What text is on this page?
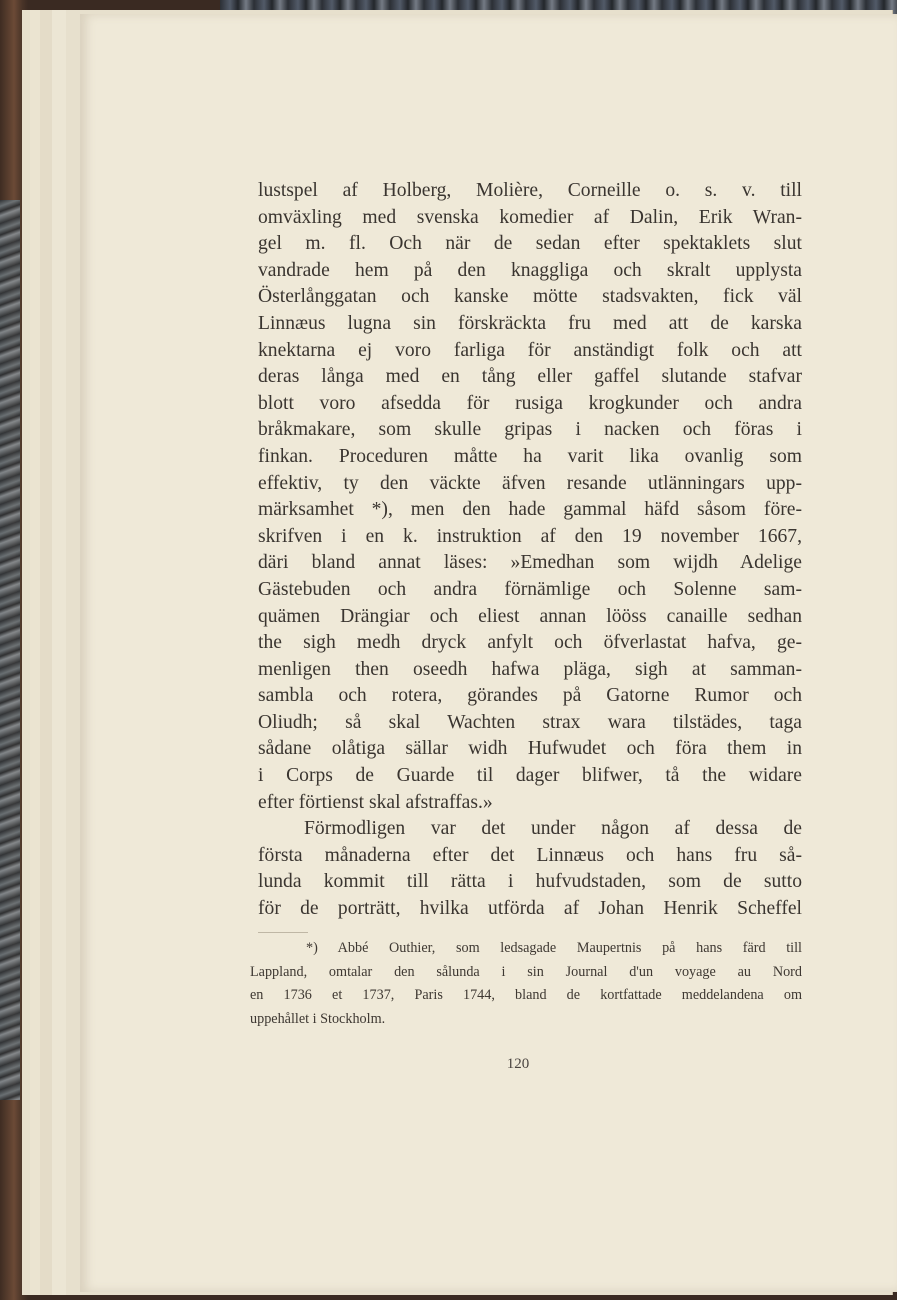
lustspel af Holberg, Molière, Corneille o. s. v. till
omväxling med svenska komedier af Dalin, Erik Wran-
gel m. fl. Och när de sedan efter spektaklets slut
vandrade hem på den knaggliga och skralt upplysta
Österlånggatan och kanske mötte stadsvakten, fick väl
Linnæus lugna sin förskräckta fru med att de karska
knektarna ej voro farliga för anständigt folk och att
deras långa med en tång eller gaffel slutande stafvar
blott voro afsedda för rusiga krogkunder och andra
bråkmakare, som skulle gripas i nacken och föras i
finkan. Proceduren måtte ha varit lika ovanlig som
effektiv, ty den väckte äfven resande utlänningars upp-
märksamhet *), men den hade gammal häfd såsom före-
skrifven i en k. instruktion af den 19 november 1667,
däri bland annat läses: »Emedhan som wijdh Adelige
Gästebuden och andra förnämlige och Solenne sam-
quämen Drängiar och eliest annan lööss canaille sedhan
the sigh medh dryck anfylt och öfverlastat hafva, ge-
menligen then oseedh hafwa pläga, sigh at samman-
sambla och rotera, görandes på Gatorne Rumor och
Oliudh; så skal Wachten strax wara tilstädes, taga
sådane olåtiga sällar widh Hufwudet och föra them in
i Corps de Guarde til dager blifwer, tå the widare
efter förtienst skal afstraffas.»
Förmodligen var det under någon af dessa de
första månaderna efter det Linnæus och hans fru så-
lunda kommit till rätta i hufvudstaden, som de sutto
för de porträtt, hvilka utförda af Johan Henrik Scheffel
*) Abbé Outhier, som ledsagade Maupertnis på hans färd till
Lappland, omtalar den sålunda i sin Journal d'un voyage au Nord
en 1736 et 1737, Paris 1744, bland de kortfattade meddelandena om
uppehållet i Stockholm.
120
